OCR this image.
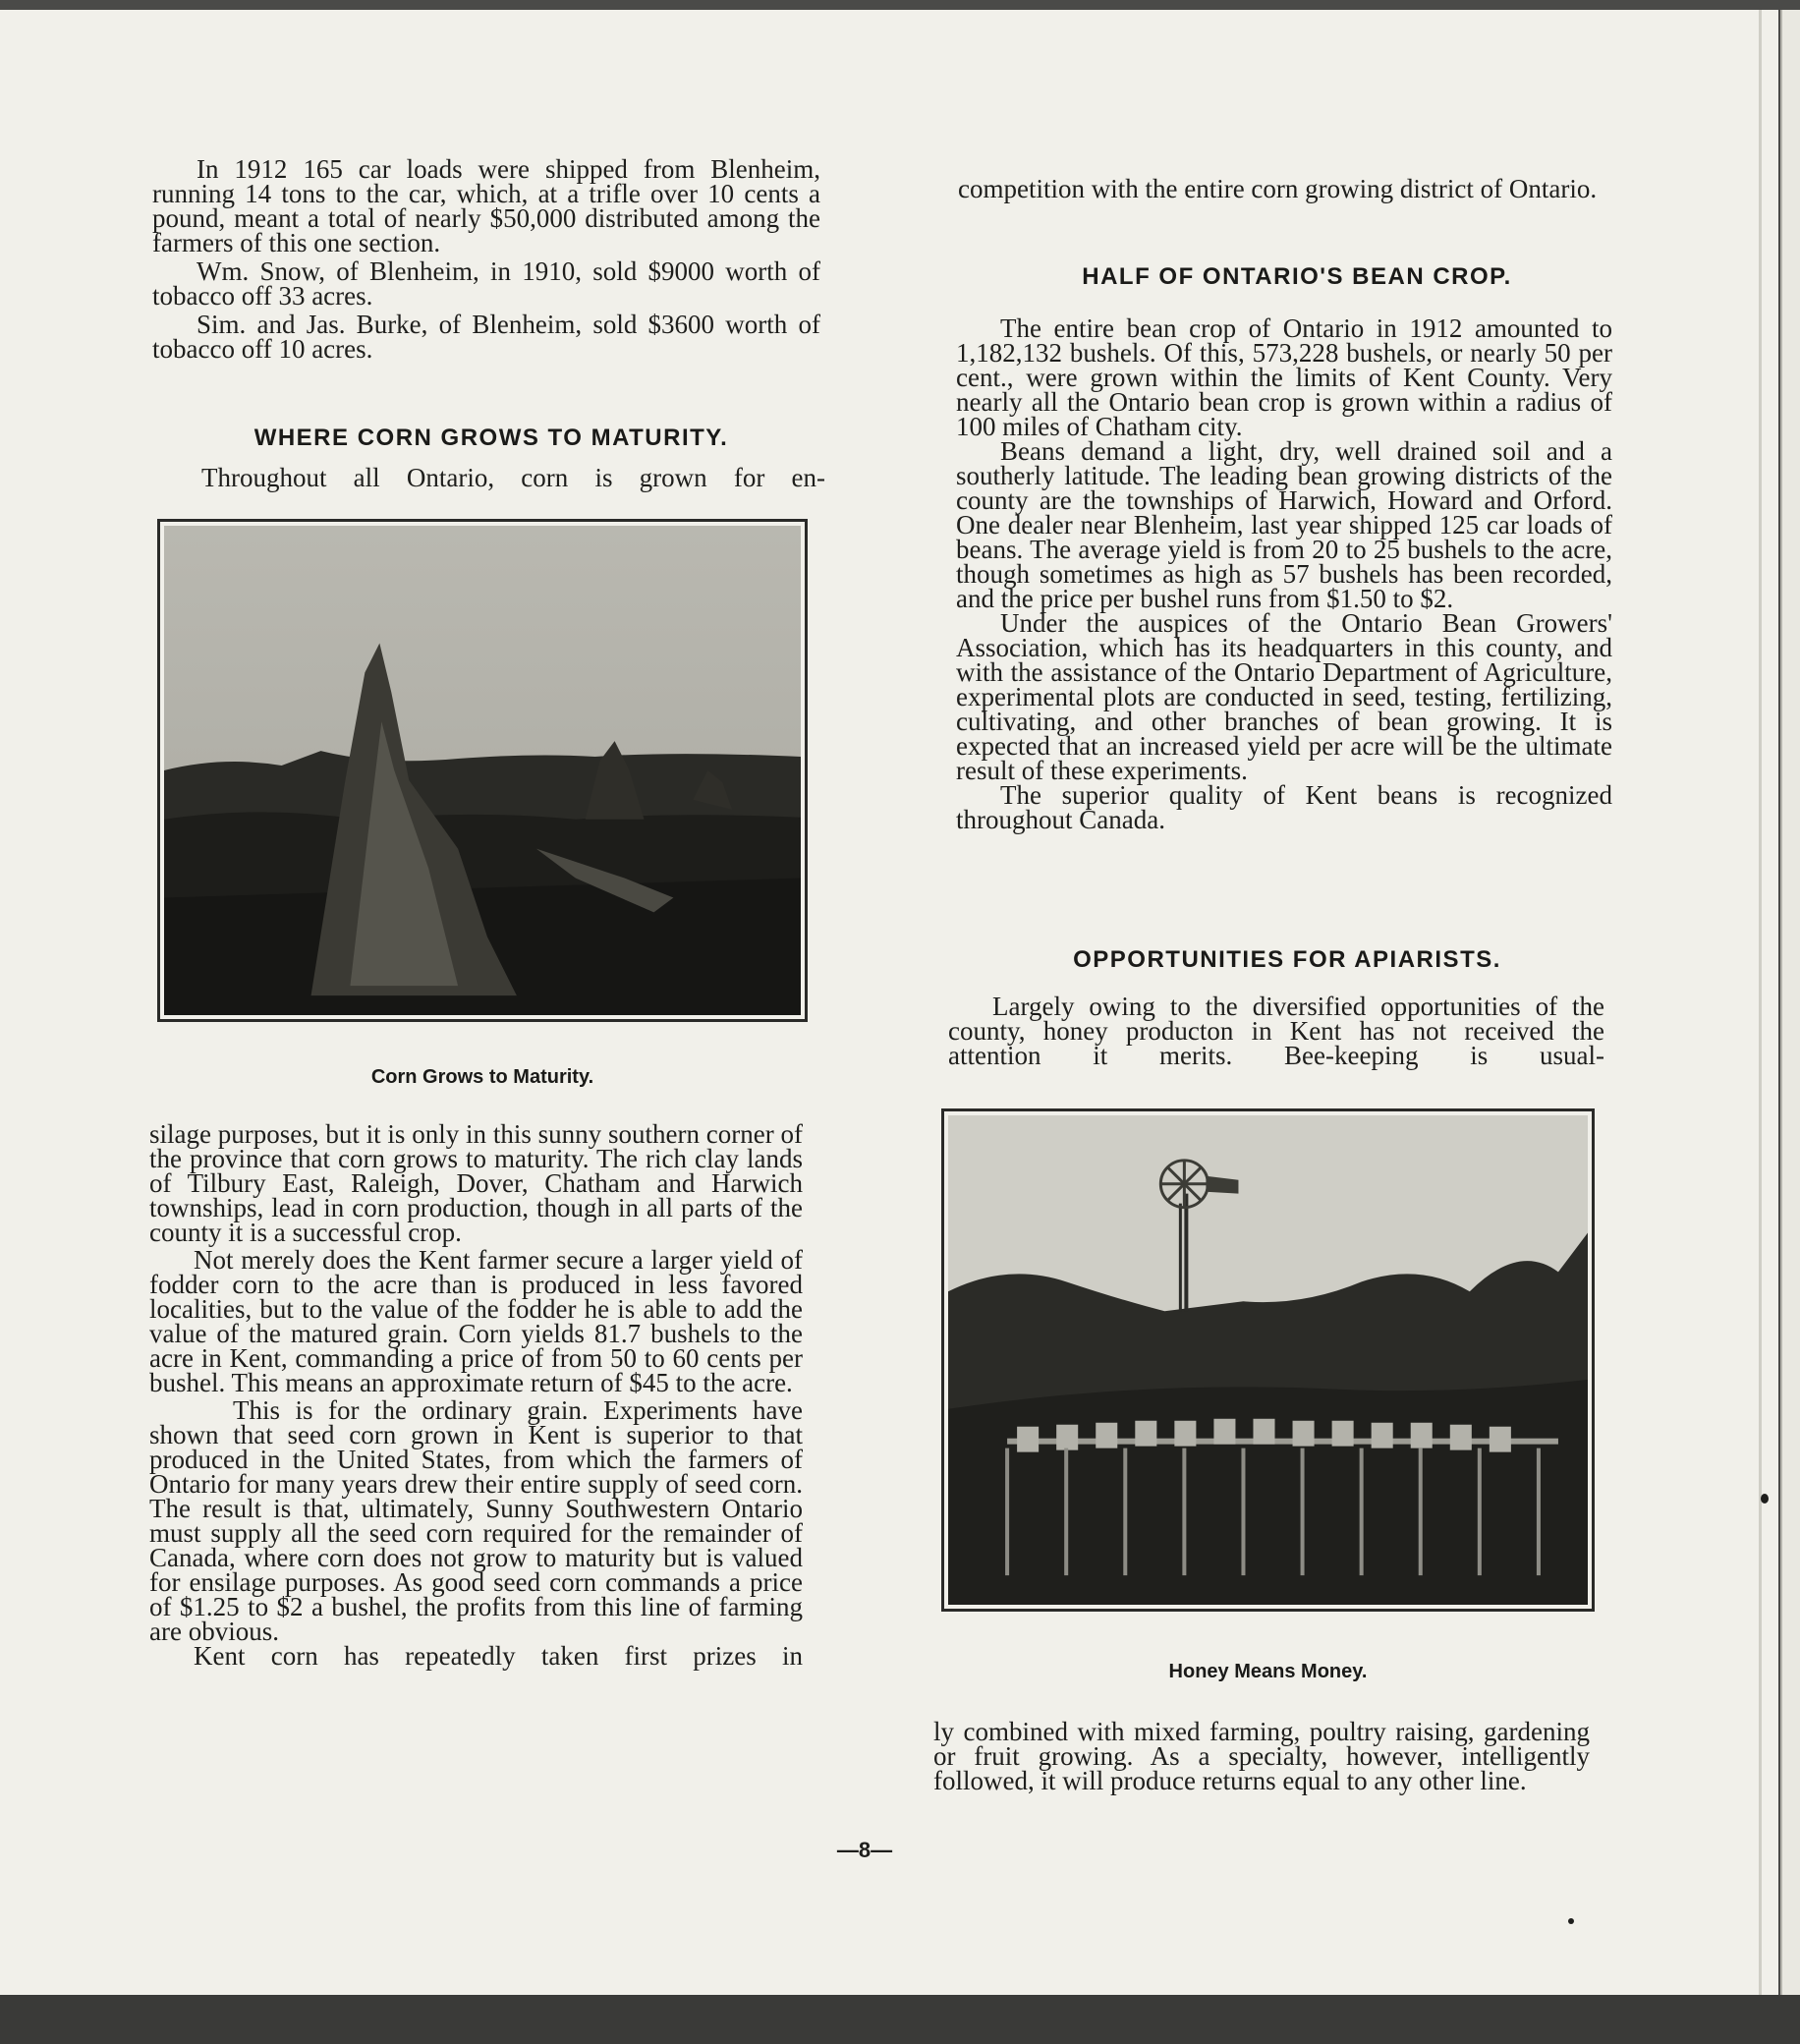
In 1912 165 car loads were shipped from Blenheim, running 14 tons to the car, which, at a trifle over 10 cents a pound, meant a total of nearly $50,000 distributed among the farmers of this one section.

Wm. Snow, of Blenheim, in 1910, sold $9000 worth of tobacco off 33 acres.

Sim. and Jas. Burke, of Blenheim, sold $3600 worth of tobacco off 10 acres.

WHERE CORN GROWS TO MATURITY.

Throughout all Ontario, corn is grown for en-

Corn Grows to Maturity.

silage purposes, but it is only in this sunny southern corner of the province that corn grows to maturity. The rich clay lands of Tilbury East, Raleigh, Dover, Chatham and Harwich townships, lead in corn production, though in all parts of the county it is a successful crop.

Not merely does the Kent farmer secure a larger yield of fodder corn to the acre than is produced in less favored localities, but to the value of the fodder he is able to add the value of the matured grain. Corn yields 81.7 bushels to the acre in Kent, commanding a price of from 50 to 60 cents per bushel. This means an approximate return of $45 to the acre.

This is for the ordinary grain. Experiments have shown that seed corn grown in Kent is superior to that produced in the United States, from which the farmers of Ontario for many years drew their entire supply of seed corn. The result is that, ultimately, Sunny Southwestern Ontario must supply all the seed corn required for the remainder of Canada, where corn does not grow to maturity but is valued for ensilage purposes. As good seed corn commands a price of $1.25 to $2 a bushel, the profits from this line of farming are obvious.

Kent corn has repeatedly taken first prizes in

competition with the entire corn growing district of Ontario.

HALF OF ONTARIO'S BEAN CROP.

The entire bean crop of Ontario in 1912 amounted to 1,182,132 bushels. Of this, 573,228 bushels, or nearly 50 per cent., were grown within the limits of Kent County. Very nearly all the Ontario bean crop is grown within a radius of 100 miles of Chatham city.

Beans demand a light, dry, well drained soil and a southerly latitude. The leading bean growing districts of the county are the townships of Harwich, Howard and Orford. One dealer near Blenheim, last year shipped 125 car loads of beans. The average yield is from 20 to 25 bushels to the acre, though sometimes as high as 57 bushels has been recorded, and the price per bushel runs from $1.50 to $2.

Under the auspices of the Ontario Bean Growers' Association, which has its headquarters in this county, and with the assistance of the Ontario Department of Agriculture, experimental plots are conducted in seed, testing, fertilizing, cultivating, and other branches of bean growing. It is expected that an increased yield per acre will be the ultimate result of these experiments.

The superior quality of Kent beans is recognized throughout Canada.

OPPORTUNITIES FOR APIARISTS.

Largely owing to the diversified opportunities of the county, honey producton in Kent has not received the attention it merits. Bee-keeping is usual-

Honey Means Money.

ly combined with mixed farming, poultry raising, gardening or fruit growing. As a specialty, however, intelligently followed, it will produce returns equal to any other line.

—8—
